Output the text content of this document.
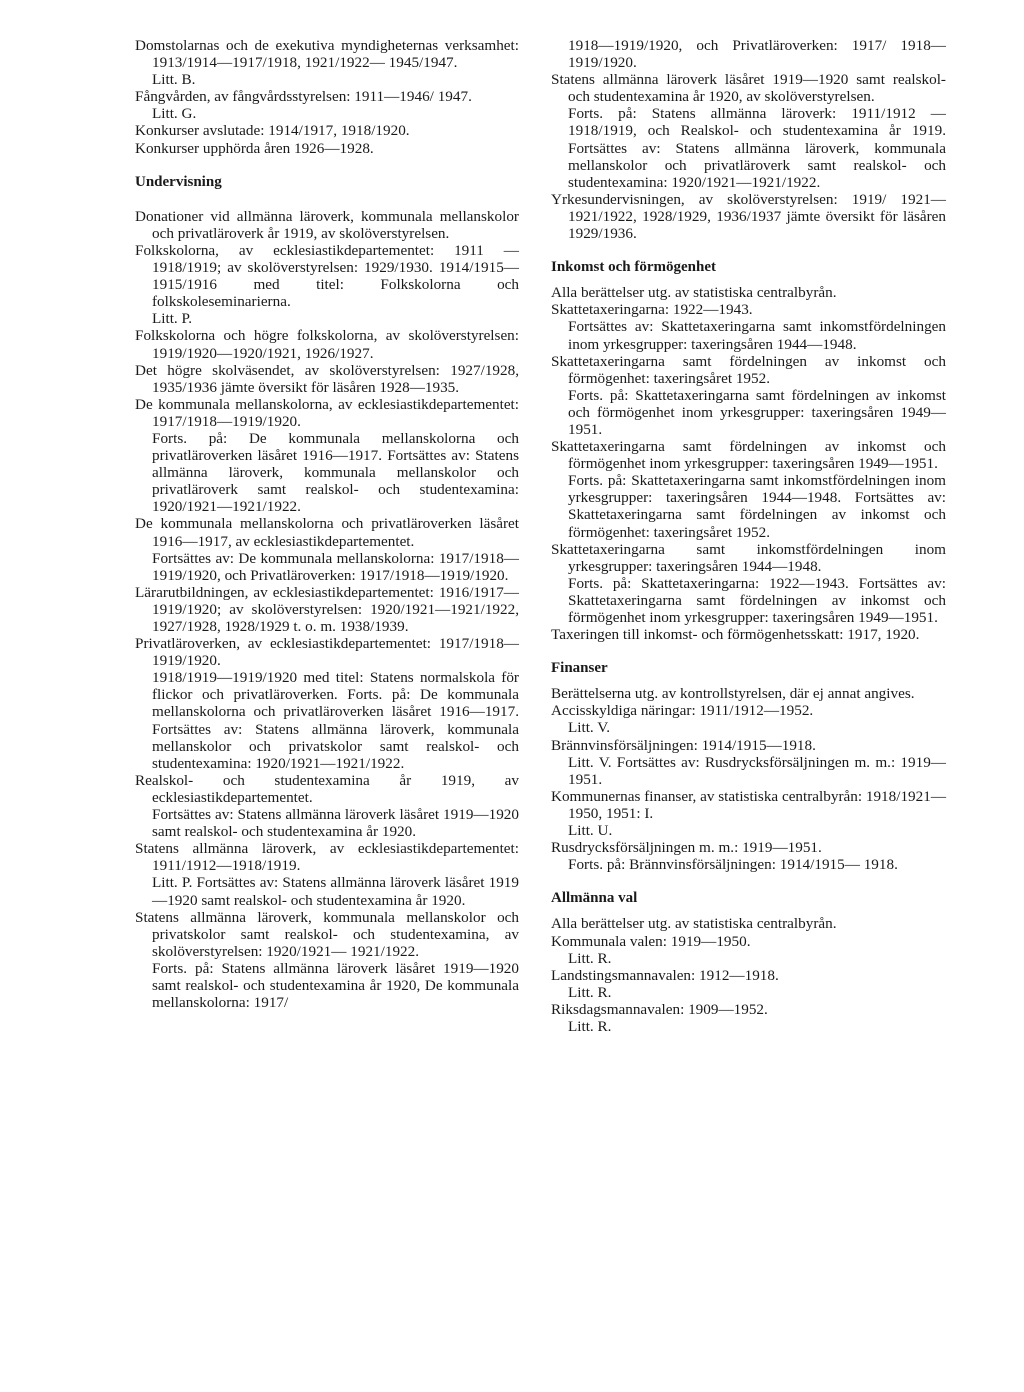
Domstolarnas och de exekutiva myndigheternas verksamhet: 1913/1914—1917/1918, 1921/1922— 1945/1947.

Litt. B.

Fångvården, av fångvårdsstyrelsen: 1911—1946/ 1947.

Litt. G.

Konkurser avslutade: 1914/1917, 1918/1920.

Konkurser upphörda åren 1926—1928.

Undervisning

Donationer vid allmänna läroverk, kommunala mellanskolor och privatläroverk år 1919, av skolöverstyrelsen.

Folkskolorna, av ecklesiastikdepartementet: 1911 —1918/1919; av skolöverstyrelsen: 1929/1930. 1914/1915—1915/1916 med titel: Folkskolorna och folkskoleseminarierna.

Litt. P.

Folkskolorna och högre folkskolorna, av skolöverstyrelsen: 1919/1920—1920/1921, 1926/1927.

Det högre skolväsendet, av skolöverstyrelsen: 1927/1928, 1935/1936 jämte översikt för läsåren 1928—1935.

De kommunala mellanskolorna, av ecklesiastikdepartementet: 1917/1918—1919/1920.

Forts. på: De kommunala mellanskolorna och privatläroverken läsåret 1916—1917. Fortsättes av: Statens allmänna läroverk, kommunala mellanskolor och privatläroverk samt realskol- och studentexamina: 1920/1921—1921/1922.

De kommunala mellanskolorna och privatläroverken läsåret 1916—1917, av ecklesiastikdepartementet.

Fortsättes av: De kommunala mellanskolorna: 1917/1918—1919/1920, och Privatläroverken: 1917/1918—1919/1920.

Lärarutbildningen, av ecklesiastikdepartementet: 1916/1917—1919/1920; av skolöverstyrelsen: 1920/1921—1921/1922, 1927/1928, 1928/1929 t. o. m. 1938/1939.

Privatläroverken, av ecklesiastikdepartementet: 1917/1918—1919/1920.

1918/1919—1919/1920 med titel: Statens normalskola för flickor och privatläroverken. Forts. på: De kommunala mellanskolorna och privatläroverken läsåret 1916—1917. Fortsättes av: Statens allmänna läroverk, kommunala mellanskolor och privatskolor samt realskol- och studentexamina: 1920/1921—1921/1922.

Realskol- och studentexamina år 1919, av ecklesiastikdepartementet.

Fortsättes av: Statens allmänna läroverk läsåret 1919—1920 samt realskol- och studentexamina år 1920.

Statens allmänna läroverk, av ecklesiastikdepartementet: 1911/1912—1918/1919.

Litt. P. Fortsättes av: Statens allmänna läroverk läsåret 1919—1920 samt realskol- och studentexamina år 1920.

Statens allmänna läroverk, kommunala mellanskolor och privatskolor samt realskol- och studentexamina, av skolöverstyrelsen: 1920/1921— 1921/1922.

Forts. på: Statens allmänna läroverk läsåret 1919—1920 samt realskol- och studentexamina år 1920, De kommunala mellanskolorna: 1917/

1918—1919/1920, och Privatläroverken: 1917/ 1918—1919/1920.

Statens allmänna läroverk läsåret 1919—1920 samt realskol- och studentexamina år 1920, av skolöverstyrelsen.

Forts. på: Statens allmänna läroverk: 1911/1912 —1918/1919, och Realskol- och studentexamina år 1919. Fortsättes av: Statens allmänna läroverk, kommunala mellanskolor och privatläroverk samt realskol- och studentexamina: 1920/1921—1921/1922.

Yrkesundervisningen, av skolöverstyrelsen: 1919/ 1921—1921/1922, 1928/1929, 1936/1937 jämte översikt för läsåren 1929/1936.

Inkomst och förmögenhet

Alla berättelser utg. av statistiska centralbyrån.

Skattetaxeringarna: 1922—1943.

Fortsättes av: Skattetaxeringarna samt inkomstfördelningen inom yrkesgrupper: taxeringsåren 1944—1948.

Skattetaxeringarna samt fördelningen av inkomst och förmögenhet: taxeringsåret 1952.

Forts. på: Skattetaxeringarna samt fördelningen av inkomst och förmögenhet inom yrkesgrupper: taxeringsåren 1949—1951.

Skattetaxeringarna samt fördelningen av inkomst och förmögenhet inom yrkesgrupper: taxeringsåren 1949—1951.

Forts. på: Skattetaxeringarna samt inkomstfördelningen inom yrkesgrupper: taxeringsåren 1944—1948. Fortsättes av: Skattetaxeringarna samt fördelningen av inkomst och förmögenhet: taxeringsåret 1952.

Skattetaxeringarna samt inkomstfördelningen inom yrkesgrupper: taxeringsåren 1944—1948.

Forts. på: Skattetaxeringarna: 1922—1943. Fortsättes av: Skattetaxeringarna samt fördelningen av inkomst och förmögenhet inom yrkesgrupper: taxeringsåren 1949—1951.

Taxeringen till inkomst- och förmögenhetsskatt: 1917, 1920.

Finanser

Berättelserna utg. av kontrollstyrelsen, där ej annat angives.

Accisskyldiga näringar: 1911/1912—1952.

Litt. V.

Brännvinsförsäljningen: 1914/1915—1918.

Litt. V. Fortsättes av: Rusdrycksförsäljningen m. m.: 1919—1951.

Kommunernas finanser, av statistiska centralbyrån: 1918/1921—1950, 1951: I.

Litt. U.

Rusdrycksförsäljningen m. m.: 1919—1951.

Forts. på: Brännvinsförsäljningen: 1914/1915— 1918.

Allmänna val

Alla berättelser utg. av statistiska centralbyrån.

Kommunala valen: 1919—1950.

Litt. R.

Landstingsmannavalen: 1912—1918.

Litt. R.

Riksdagsmannavalen: 1909—1952.

Litt. R.
